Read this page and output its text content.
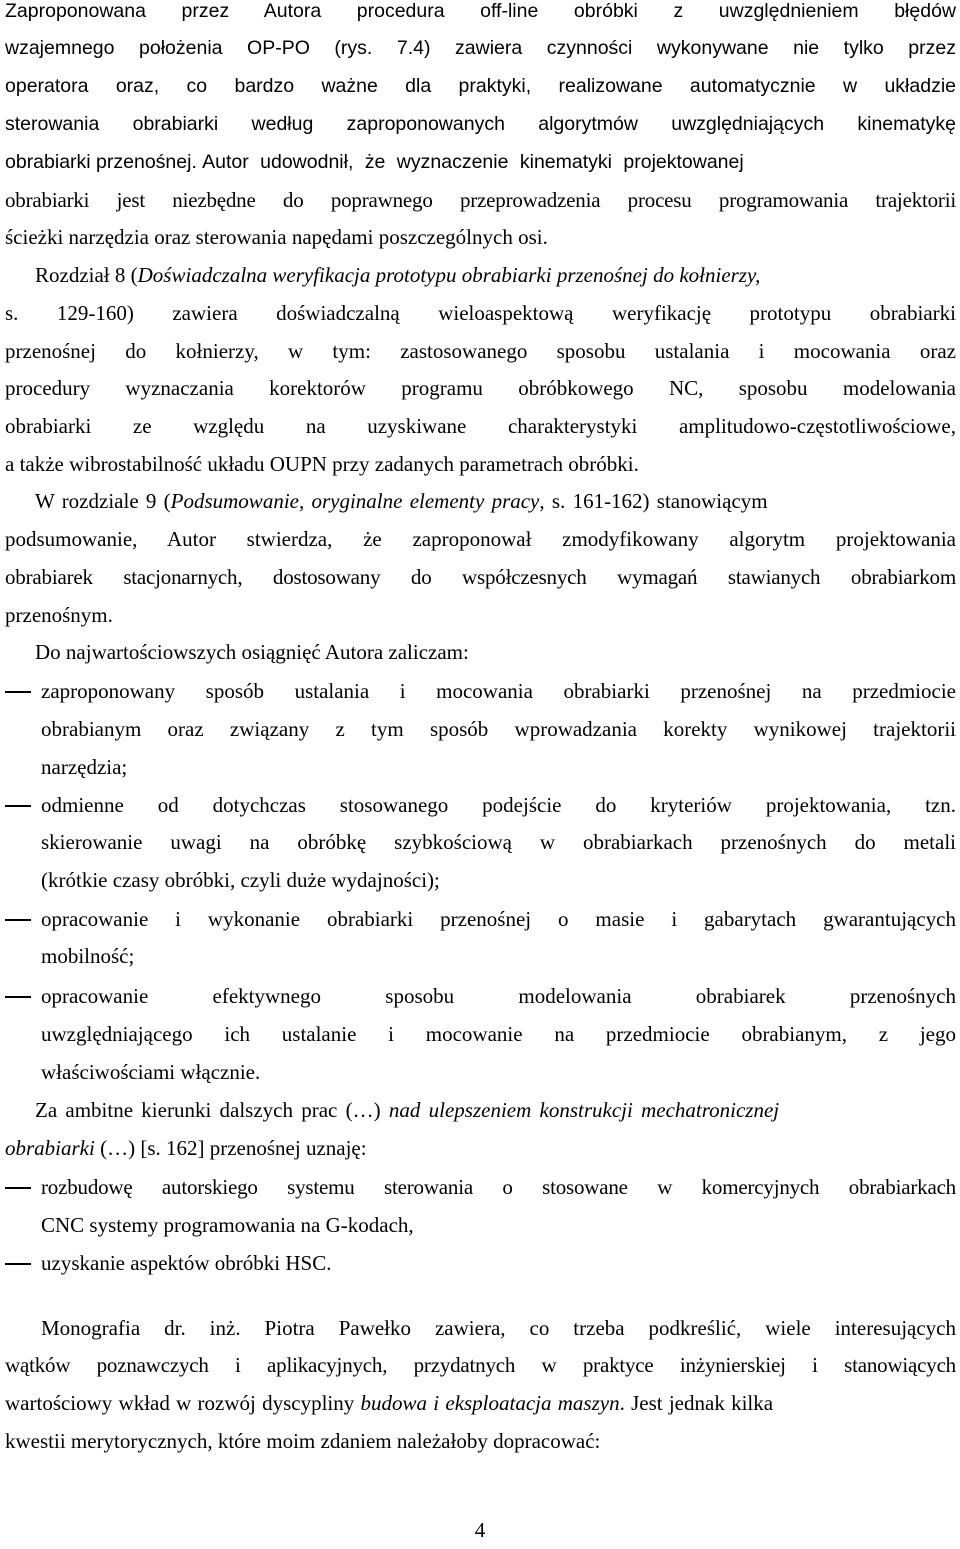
Zaproponowana przez Autora procedura off-line obróbki z uwzględnieniem błędów
wzajemnego położenia OP-PO (rys. 7.4) zawiera czynności wykonywane nie tylko przez
operatora oraz, co bardzo ważne dla praktyki, realizowane automatycznie w układzie
sterowania obrabiarki według zaproponowanych algorytmów uwzględniających kinematykę
obrabiarki przenośnej. Autor udowodnił, że wyznaczenie kinematyki projektowanej
obrabiarki jest niezbędne do poprawnego przeprowadzenia procesu programowania trajektorii
ścieżki narzędzia oraz sterowania napędami poszczególnych osi.
Rozdział 8 (Doświadczalna weryfikacja prototypu obrabiarki przenośnej do kołnierzy,
s. 129-160) zawiera doświadczalną wieloaspektową weryfikację prototypu obrabiarki
przenośnej do kołnierzy, w tym: zastosowanego sposobu ustalania i mocowania oraz
procedury wyznaczania korektorów programu obróbkowego NC, sposobu modelowania
obrabiarki ze względu na uzyskiwane charakterystyki amplitudowo-częstotliwościowe,
a także wibrostabilność układu OUPN przy zadanych parametrach obróbki.
W rozdziale 9 (Podsumowanie, oryginalne elementy pracy, s. 161-162) stanowiącym
podsumowanie, Autor stwierdza, że zaproponował zmodyfikowany algorytm projektowania
obrabiarek stacjonarnych, dostosowany do współczesnych wymagań stawianych obrabiarkom
przenośnym.
Do najwartościowszych osiągnięć Autora zaliczam:
zaproponowany sposób ustalania i mocowania obrabiarki przenośnej na przedmiocie
obrabianym oraz związany z tym sposób wprowadzania korekty wynikowej trajektorii
narzędzia;
odmienne od dotychczas stosowanego podejście do kryteriów projektowania, tzn.
skierowanie uwagi na obróbkę szybkościową w obrabiarkach przenośnych do metali
(krótkie czasy obróbki, czyli duże wydajności);
opracowanie i wykonanie obrabiarki przenośnej o masie i gabarytach gwarantujących
mobilność;
opracowanie efektywnego sposobu modelowania obrabiarek przenośnych
uwzględniającego ich ustalanie i mocowanie na przedmiocie obrabianym, z jego
właściwościami włącznie.
Za ambitne kierunki dalszych prac (…) nad ulepszeniem konstrukcji mechatronicznej
obrabiarki (…) [s. 162] przenośnej uznaję:
rozbudowę autorskiego systemu sterowania o stosowane w komercyjnych obrabiarkach
CNC systemy programowania na G-kodach,
uzyskanie aspektów obróbki HSC.
Monografia dr. inż. Piotra Pawełko zawiera, co trzeba podkreślić, wiele interesujących
wątków poznawczych i aplikacyjnych, przydatnych w praktyce inżynierskiej i stanowiących
wartościowy wkład w rozwój dyscypliny budowa i eksploatacja maszyn. Jest jednak kilka
kwestii merytorycznych, które moim zdaniem należałoby dopracować:
4
